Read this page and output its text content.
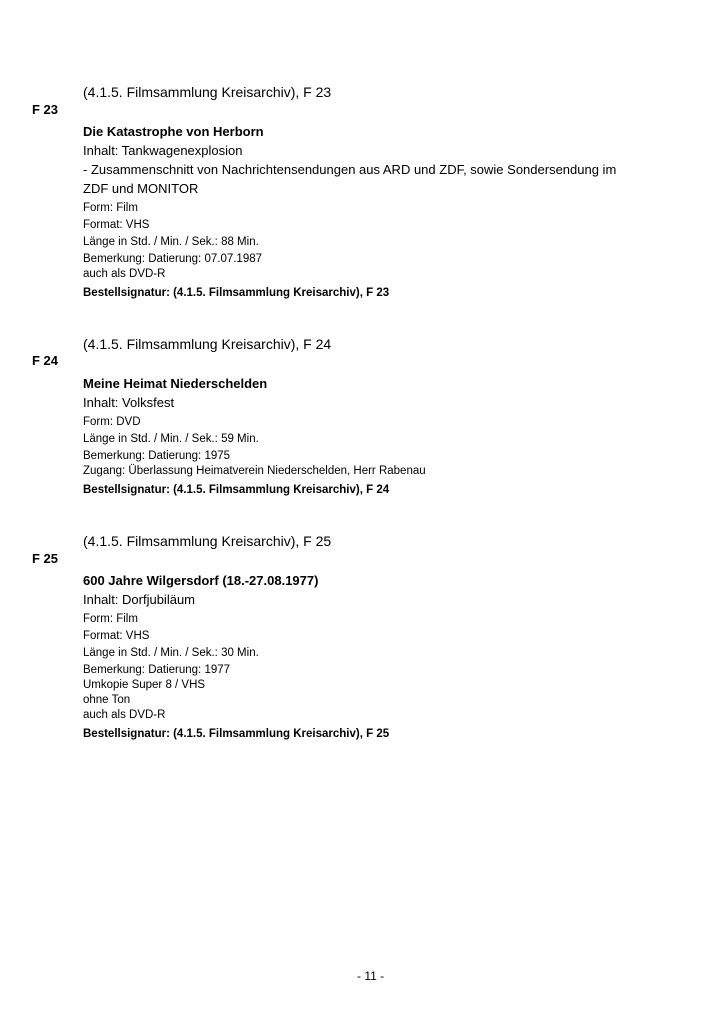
(4.1.5. Filmsammlung Kreisarchiv), F 23
F 23
Die Katastrophe von Herborn
Inhalt: Tankwagenexplosion
- Zusammenschnitt von Nachrichtensendungen aus ARD und ZDF, sowie Sondersendung im
ZDF und MONITOR
Form: Film
Format: VHS
Länge in Std. / Min. / Sek.: 88 Min.
Bemerkung: Datierung: 07.07.1987
auch als DVD-R
Bestellsignatur: (4.1.5. Filmsammlung Kreisarchiv), F 23
(4.1.5. Filmsammlung Kreisarchiv), F 24
F 24
Meine Heimat Niederschelden
Inhalt: Volksfest
Form: DVD
Länge in Std. / Min. / Sek.: 59 Min.
Bemerkung: Datierung: 1975
Zugang: Überlassung Heimatverein Niederschelden, Herr Rabenau
Bestellsignatur: (4.1.5. Filmsammlung Kreisarchiv), F 24
(4.1.5. Filmsammlung Kreisarchiv), F 25
F 25
600 Jahre Wilgersdorf (18.-27.08.1977)
Inhalt: Dorfjubiläum
Form: Film
Format: VHS
Länge in Std. / Min. / Sek.: 30 Min.
Bemerkung: Datierung: 1977
Umkopie Super 8 / VHS
ohne Ton
auch als DVD-R
Bestellsignatur: (4.1.5. Filmsammlung Kreisarchiv), F 25
- 11 -
